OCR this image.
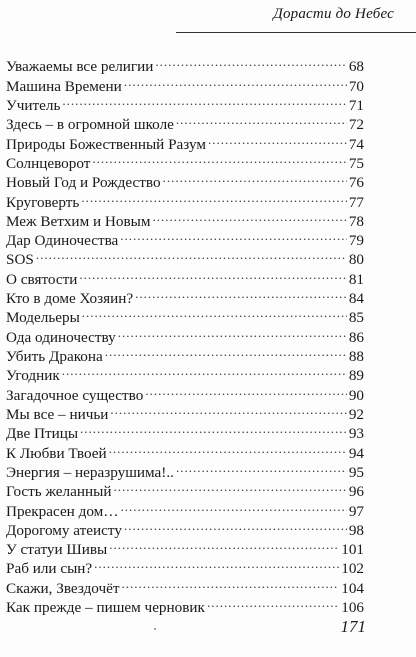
Дорасти до Небес
Уважаемы все религии .....	68
Машина Времени .....	70
Учитель .....	71
Здесь – в огромной школе .....	72
Природы Божественный Разум .....	74
Солнцеворот .....	75
Новый Год и Рождество .....	76
Круговерть .....	77
Меж Ветхим и Новым .....	78
Дар Одиночества .....	79
SOS .....	80
О святости .....	81
Кто в доме Хозяин? .....	84
Модельеры .....	85
Ода одиночеству .....	86
Убить Дракона .....	88
Угодник .....	89
Загадочное существо .....	90
Мы все – ничьи .....	92
Две Птицы .....	93
К Любви Твоей .....	94
Энергия – неразрушима!.. .....	95
Гость желанный .....	96
Прекрасен дом… .....	97
Дорогому атеисту .....	98
У статуи Шивы .....	101
Раб или сын? .....	102
Скажи, Звездочёт .....	104
Как прежде – пишем черновик .....	106
171
